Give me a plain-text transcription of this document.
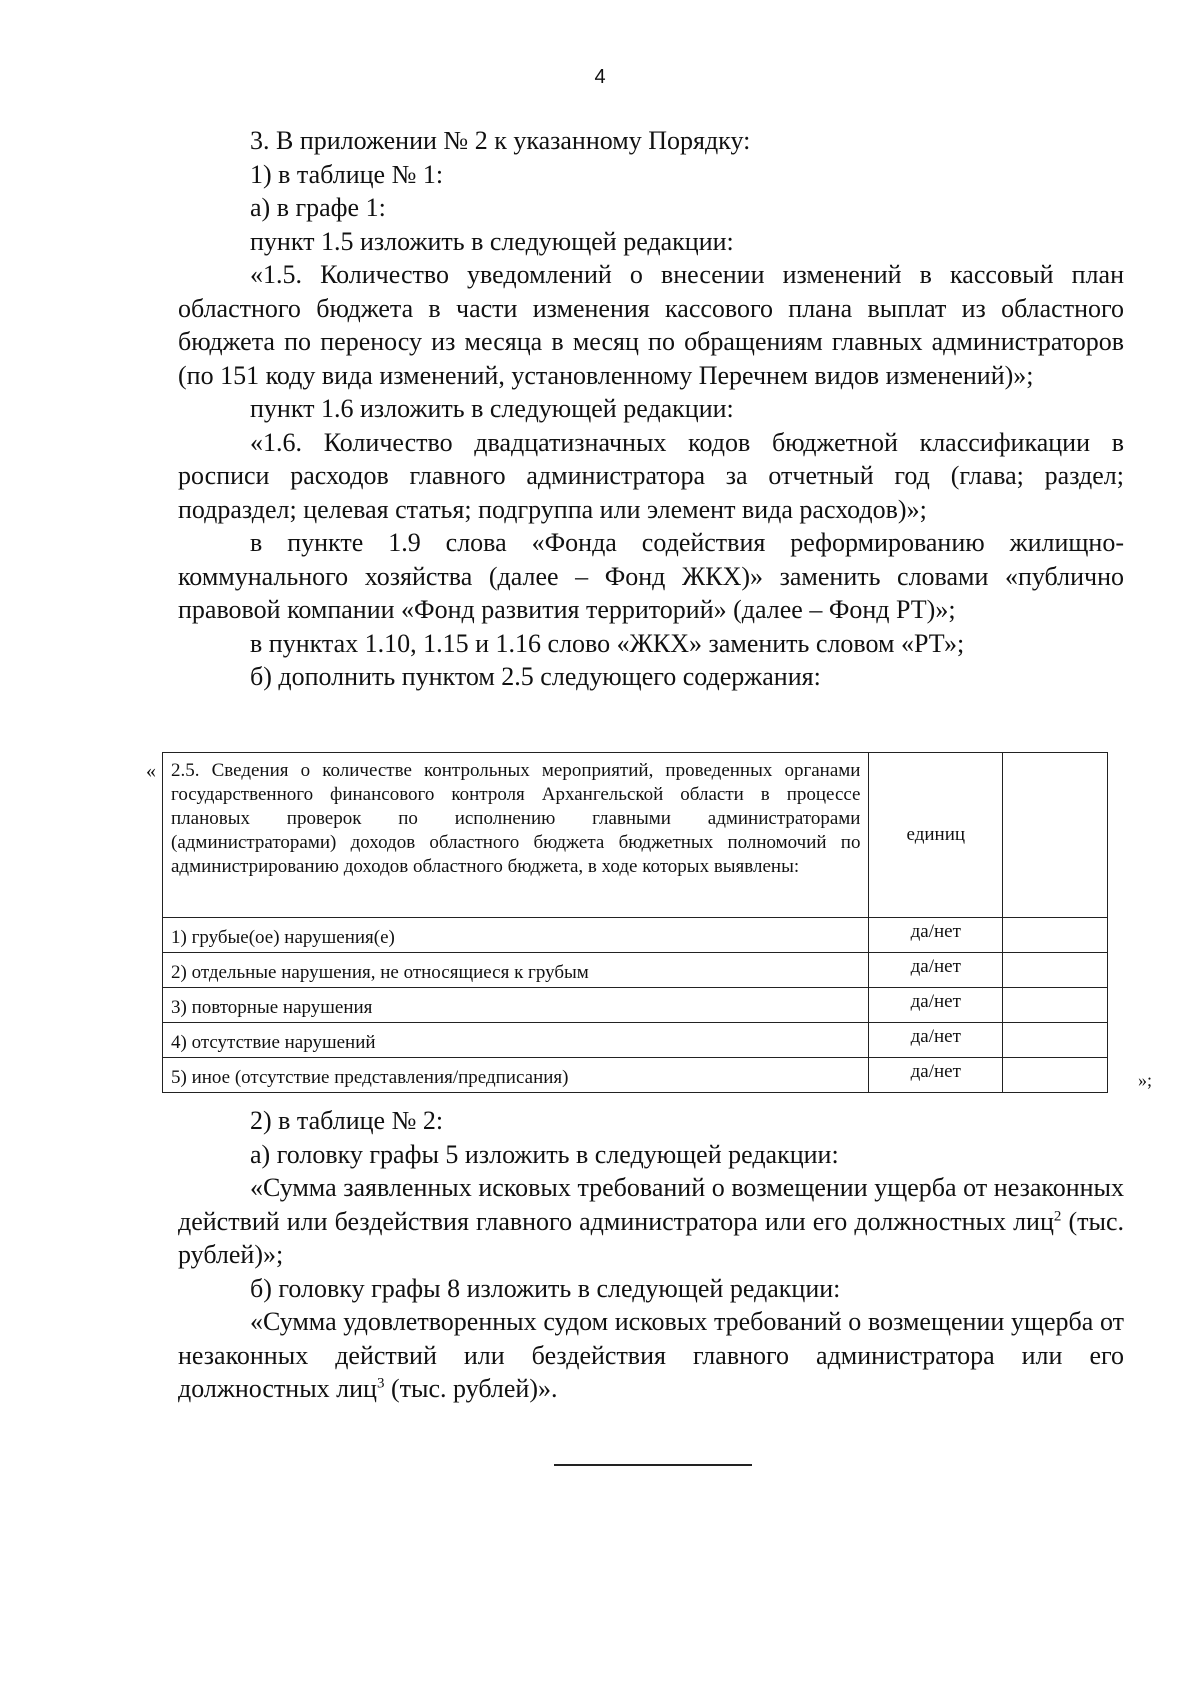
4

3. В приложении № 2 к указанному Порядку:

1) в таблице № 1:

а) в графе 1:

пункт 1.5 изложить в следующей редакции:

«1.5. Количество уведомлений о внесении изменений в кассовый план областного бюджета в части изменения кассового плана выплат из областного бюджета по переносу из месяца в месяц по обращениям главных администраторов (по 151 коду вида изменений, установленному Перечнем видов изменений)»;

пункт 1.6 изложить в следующей редакции:

«1.6. Количество двадцатизначных кодов бюджетной классификации в росписи расходов главного администратора за отчетный год (глава; раздел; подраздел; целевая статья; подгруппа или элемент вида расходов)»;

в пункте 1.9 слова «Фонда содействия реформированию жилищно-коммунального хозяйства (далее – Фонд ЖКХ)» заменить словами «публично правовой компании «Фонд развития территорий» (далее – Фонд РТ)»;

в пунктах 1.10, 1.15 и 1.16 слово «ЖКХ» заменить словом «РТ»;

б) дополнить пунктом 2.5 следующего содержания:

« 2.5. Сведения о количестве контрольных мероприятий, проведенных органами государственного финансового контроля Архангельской области в процессе плановых проверок по исполнению главными администраторами (администраторами) доходов областного бюджета бюджетных полномочий по администрированию доходов областного бюджета, в ходе которых выявлены:	единиц	
1) грубые(ое) нарушения(е)	да/нет	
2) отдельные нарушения, не относящиеся к грубым	да/нет	
3) повторные нарушения	да/нет	
4) отсутствие нарушений	да/нет	
5) иное (отсутствие представления/предписания)	да/нет		»;

2) в таблице № 2:

а) головку графы 5 изложить в следующей редакции:

«Сумма заявленных исковых требований о возмещении ущерба от незаконных действий или бездействия главного администратора или его должностных лиц$^2$ (тыс. рублей)»;

б) головку графы 8 изложить в следующей редакции:

«Сумма удовлетворенных судом исковых требований о возмещении ущерба от незаконных действий или бездействия главного администратора или его должностных лиц$^3$ (тыс. рублей)».
